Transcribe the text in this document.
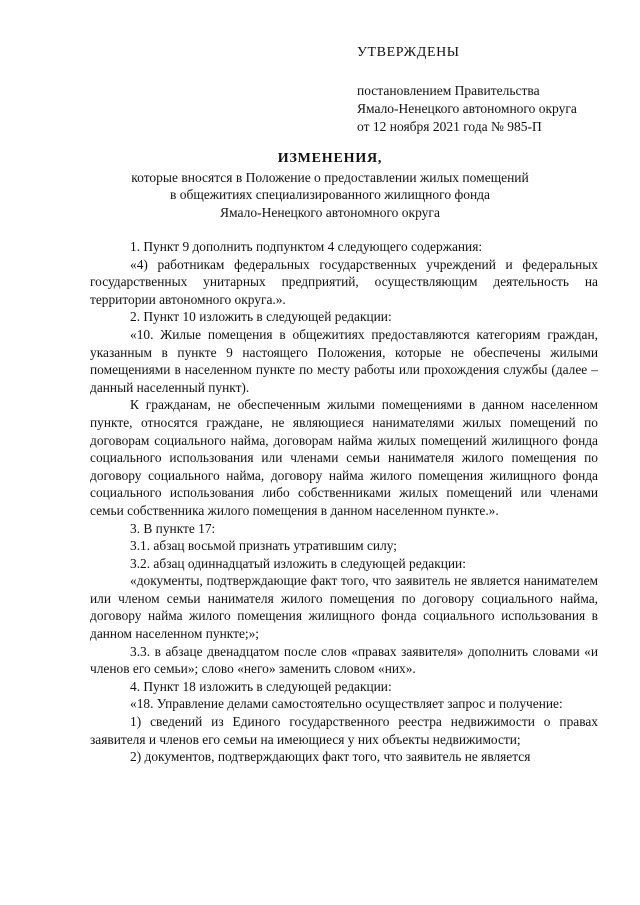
УТВЕРЖДЕНЫ
постановлением Правительства
Ямало-Ненецкого автономного округа
от 12 ноября 2021 года № 985-П
ИЗМЕНЕНИЯ,
которые вносятся в Положение о предоставлении жилых помещений
в общежитиях специализированного жилищного фонда
Ямало-Ненецкого автономного округа

1. Пункт 9 дополнить подпунктом 4 следующего содержания:

«4) работникам федеральных государственных учреждений и федеральных государственных унитарных предприятий, осуществляющим деятельность на территории автономного округа.».

2. Пункт 10 изложить в следующей редакции:

«10. Жилые помещения в общежитиях предоставляются категориям граждан, указанным в пункте 9 настоящего Положения, которые не обеспечены жилыми помещениями в населенном пункте по месту работы или прохождения службы (далее – данный населенный пункт).

К гражданам, не обеспеченным жилыми помещениями в данном населенном пункте, относятся граждане, не являющиеся нанимателями жилых помещений по договорам социального найма, договорам найма жилых помещений жилищного фонда социального использования или членами семьи нанимателя жилого помещения по договору социального найма, договору найма жилого помещения жилищного фонда социального использования либо собственниками жилых помещений или членами семьи собственника жилого помещения в данном населенном пункте.».

3. В пункте 17:

3.1. абзац восьмой признать утратившим силу;

3.2. абзац одиннадцатый изложить в следующей редакции:

«документы, подтверждающие факт того, что заявитель не является нанимателем или членом семьи нанимателя жилого помещения по договору социального найма, договору найма жилого помещения жилищного фонда социального использования в данном населенном пункте;»;

3.3. в абзаце двенадцатом после слов «правах заявителя» дополнить словами «и членов его семьи»; слово «него» заменить словом «них».

4. Пункт 18 изложить в следующей редакции:

«18. Управление делами самостоятельно осуществляет запрос и получение:

1) сведений из Единого государственного реестра недвижимости о правах заявителя и членов его семьи на имеющиеся у них объекты недвижимости;

2) документов, подтверждающих факт того, что заявитель не является
